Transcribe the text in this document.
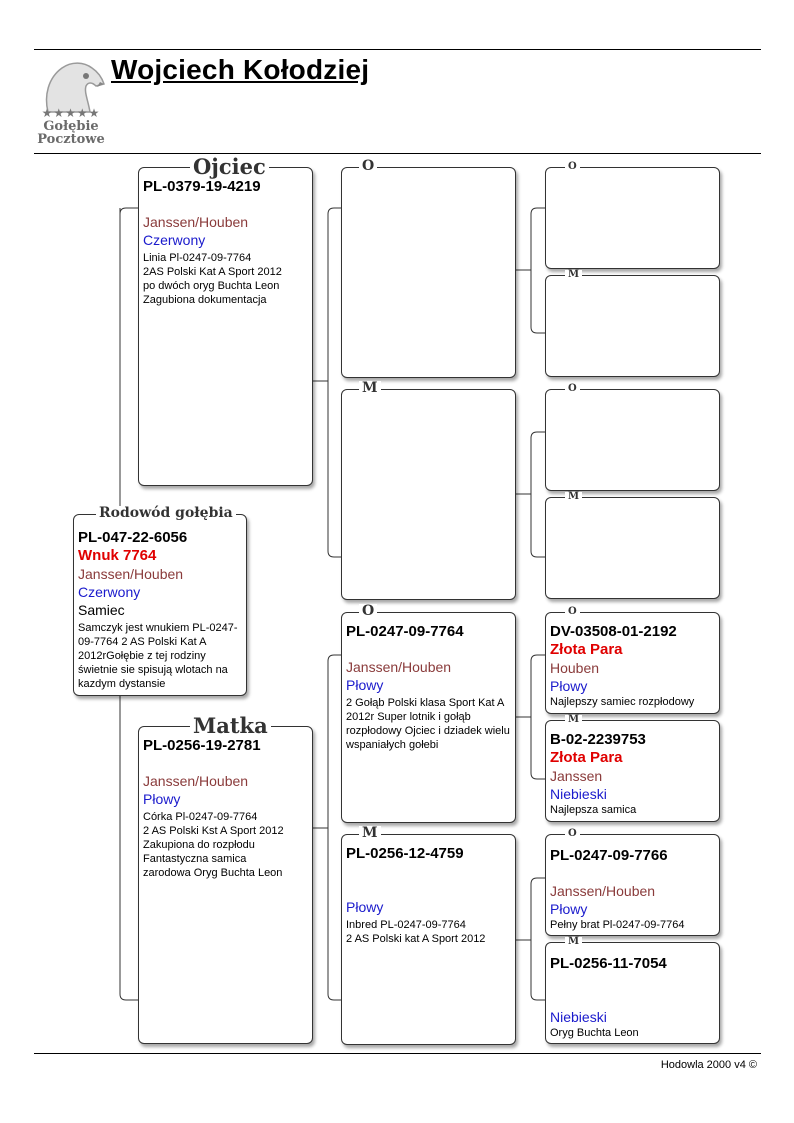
★★★★★
Gołębie
Pocztowe
Wojciech Kołodziej
Rodowód gołębia
PL-047-22-6056
Wnuk 7764
Janssen/Houben
Czerwony
Samiec
Samczyk jest wnukiem PL-0247-09-7764 2 AS Polski Kat A 2012rGołębie z tej rodziny świetnie sie spisują wlotach na kazdym dystansie
Ojciec
PL-0379-19-4219
Janssen/Houben
Czerwony
Linia Pl-0247-09-7764
2AS Polski Kat A Sport 2012
po dwóch oryg Buchta Leon
Zagubiona dokumentacja
Matka
PL-0256-19-2781
Janssen/Houben
Płowy
Córka Pl-0247-09-7764
2 AS Polski Kst A Sport 2012
Zakupiona do rozpłodu
Fantastyczna samica
zarodowa Oryg Buchta Leon
O
M
O
PL-0247-09-7764
Janssen/Houben
Płowy
2 Gołąb Polski klasa Sport Kat A 2012r Super lotnik i gołąb rozpłodowy Ojciec i dziadek wielu wspaniałych gołebi
M
PL-0256-12-4759
Płowy
Inbred PL-0247-09-7764
2 AS Polski kat A Sport 2012
O
M
O
M
O
DV-03508-01-2192
Złota Para
Houben
Płowy
Najlepszy samiec rozpłodowy
M
B-02-2239753
Złota Para
Janssen
Niebieski
Najlepsza samica
O
PL-0247-09-7766
Janssen/Houben
Płowy
Pełny brat Pl-0247-09-7764
M
PL-0256-11-7054
Niebieski
Oryg Buchta Leon
Hodowla 2000 v4 ©
